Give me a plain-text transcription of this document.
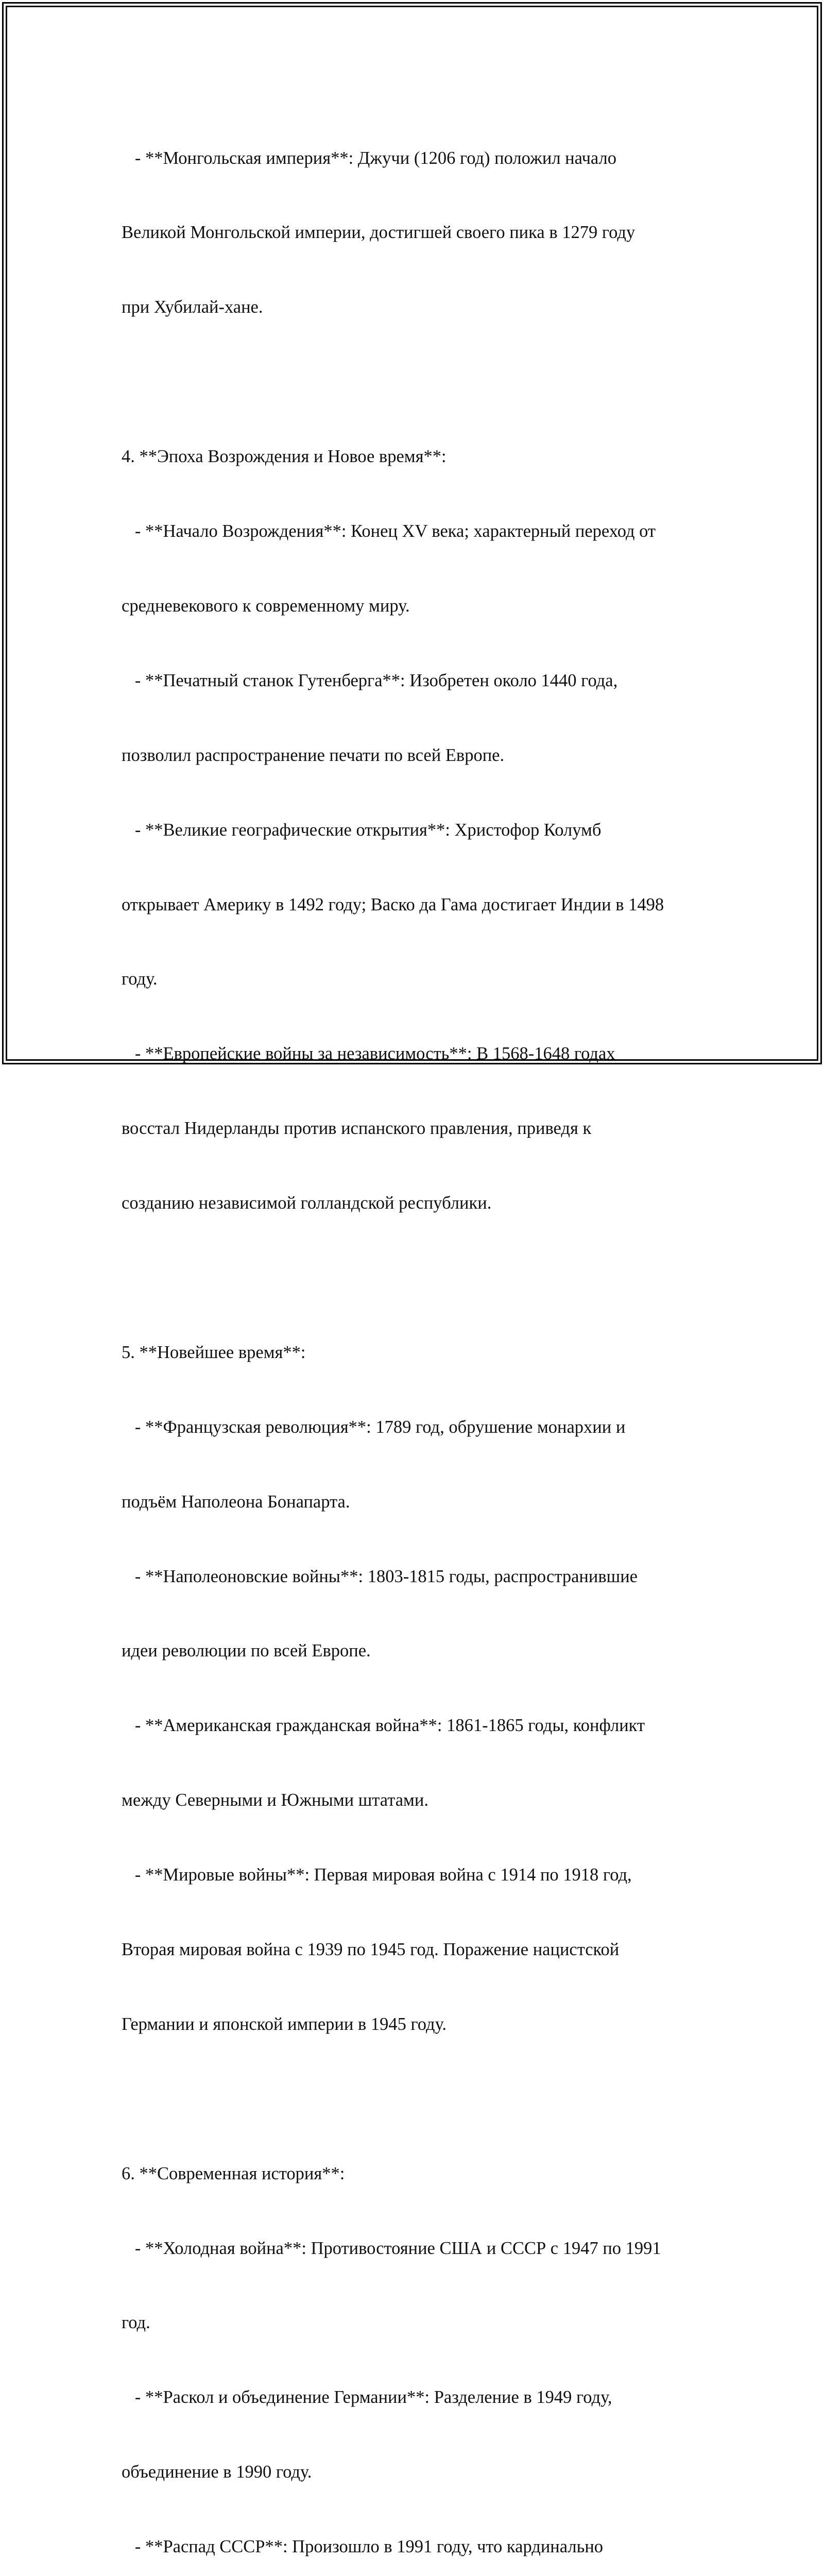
- **Монгольская империя**: Джучи (1206 год) положил начало

Великой Монгольской империи, достигшей своего пика в 1279 году

при Хубилай-хане.

4. **Эпоха Возрождения и Новое время**:

- **Начало Возрождения**: Конец XV века; характерный переход от

средневекового к современному миру.

- **Печатный станок Гутенберга**: Изобретен около 1440 года,

позволил распространение печати по всей Европе.

- **Великие географические открытия**: Христофор Колумб

открывает Америку в 1492 году; Васко да Гама достигает Индии в 1498

году.

- **Европейские войны за независимость**: В 1568-1648 годах

восстал Нидерланды против испанского правления, приведя к

созданию независимой голландской республики.

5. **Новейшее время**:

- **Французская революция**: 1789 год, обрушение монархии и

подъём Наполеона Бонапарта.

- **Наполеоновские войны**: 1803-1815 годы, распространившие

идеи революции по всей Европе.

- **Американская гражданская война**: 1861-1865 годы, конфликт

между Северными и Южными штатами.

- **Мировые войны**: Первая мировая война с 1914 по 1918 год,

Вторая мировая война с 1939 по 1945 год. Поражение нацистской

Германии и японской империи в 1945 году.

6. **Современная история**:

- **Холодная война**: Противостояние США и СССР с 1947 по 1991

год.

- **Раскол и объединение Германии**: Разделение в 1949 году,

объединение в 1990 году.

- **Распад СССР**: Произошло в 1991 году, что кардинально
